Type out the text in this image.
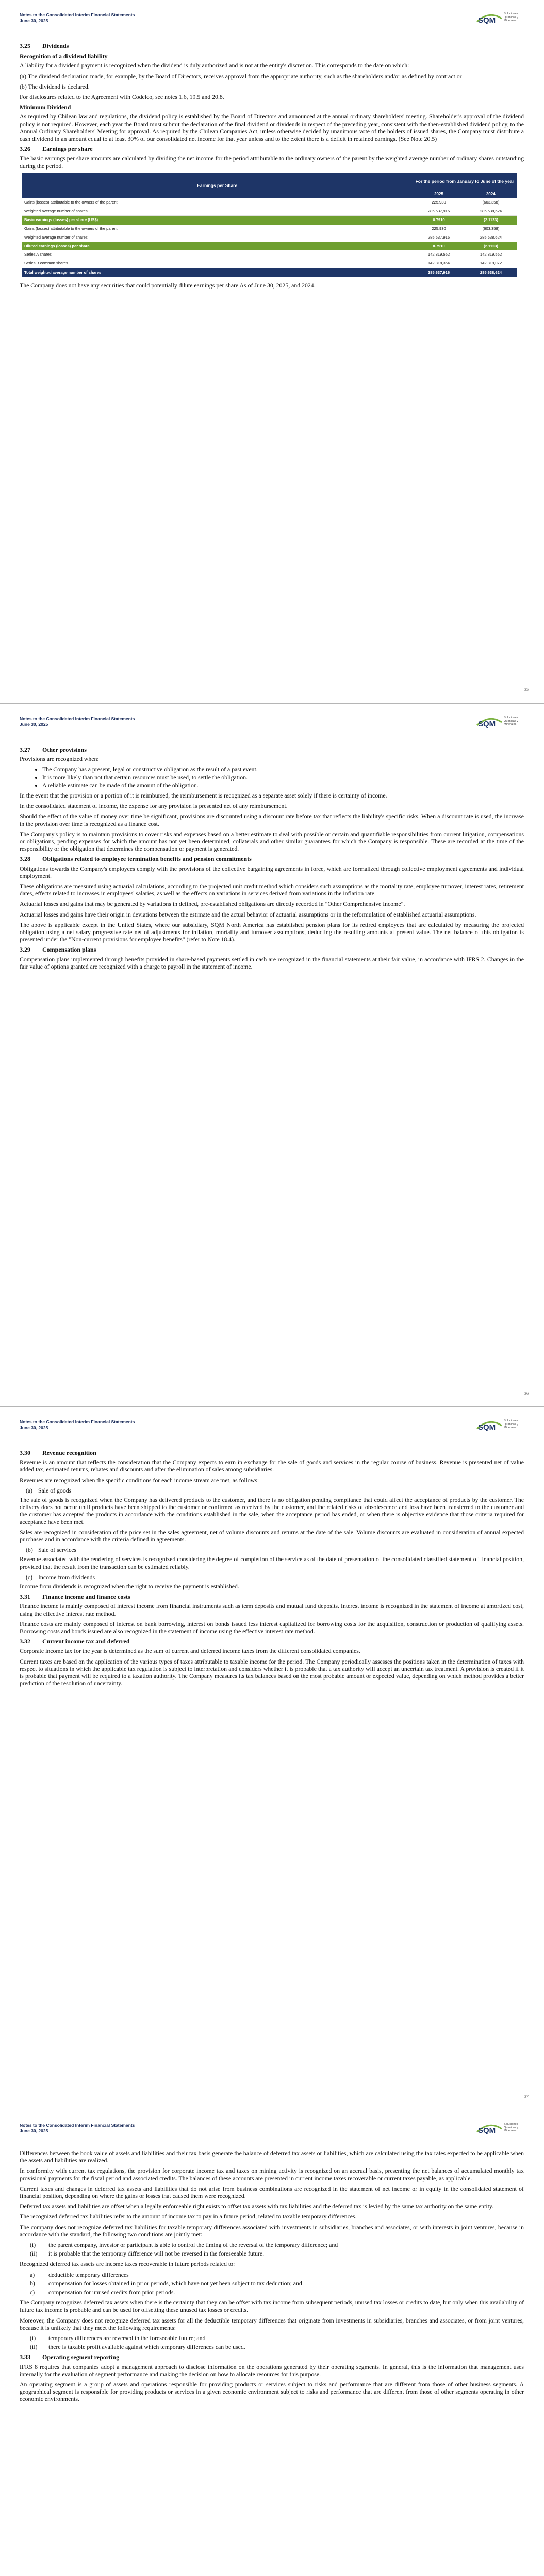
Notes to the Consolidated Interim Financial Statements
June 30, 2025	SQM
Soluciones
Químicas y
Minerales
3.25 Dividends
Recognition of a dividend liability

A liability for a dividend payment is recognized when the dividend is duly authorized and is not at the entity's discretion. This corresponds to the date on which:

(a) The dividend declaration made, for example, by the Board of Directors, receives approval from the appropriate authority, such as the shareholders and/or as defined by contract or

(b) The dividend is declared.

For disclosures related to the Agreement with Codelco, see notes 1.6, 19.5 and 20.8.

Minimum Dividend

As required by Chilean law and regulations, the dividend policy is established by the Board of Directors and announced at the annual ordinary shareholders' meeting. Shareholder's approval of the dividend policy is not required. However, each year the Board must submit the declaration of the final dividend or dividends in respect of the preceding year, consistent with the then-established dividend policy, to the Annual Ordinary Shareholders' Meeting for approval. As required by the Chilean Companies Act, unless otherwise decided by unanimous vote of the holders of issued shares, the Company must distribute a cash dividend in an amount equal to at least 30% of our consolidated net income for that year unless and to the extent there is a deficit in retained earnings. (See Note 20.5)

3.26 Earnings per share

The basic earnings per share amounts are calculated by dividing the net income for the period attributable to the ordinary owners of the parent by the weighted average number of ordinary shares outstanding during the period.

Earnings per Share	For the period from January to June of the year	
	2025	2024
Gains (losses) attributable to the owners of the parent	225,930	(603,358)
Weighted average number of shares	285,637,916	285,638,624
Basic earnings (losses) per share (US$)	0.7910	(2.1123)
Gains (losses) attributable to the owners of the parent	225,930	(603,358)
Weighted average number of shares	285,637,916	285,638,624
Diluted earnings (losses) per share	0.7910	(2.1123)
Series A shares	142,819,552	142,819,552
Series B common shares	142,818,364	142,819,072
Total weighted average number of shares	285,637,916	285,638,624

The Company does not have any securities that could potentially dilute earnings per share As of June 30, 2025, and 2024.

35
Notes to the Consolidated Interim Financial Statements
June 30, 2025	SQM
Soluciones
Químicas y
Minerales
3.27 Other provisions

Provisions are recognized when:

• The Company has a present, legal or constructive obligation as the result of a past event.
• It is more likely than not that certain resources must be used, to settle the obligation.
• A reliable estimate can be made of the amount of the obligation.

In the event that the provision or a portion of it is reimbursed, the reimbursement is recognized as a separate asset solely if there is certainty of income.

In the consolidated statement of income, the expense for any provision is presented net of any reimbursement.

Should the effect of the value of money over time be significant, provisions are discounted using a discount rate before tax that reflects the liability's specific risks. When a discount rate is used, the increase in the provision over time is recognized as a finance cost.

The Company's policy is to maintain provisions to cover risks and expenses based on a better estimate to deal with possible or certain and quantifiable responsibilities from current litigation, compensations or obligations, pending expenses for which the amount has not yet been determined, collaterals and other similar guarantees for which the Company is responsible. These are recorded at the time of the responsibility or the obligation that determines the compensation or payment is generated.

3.28 Obligations related to employee termination benefits and pension commitments

Obligations towards the Company's employees comply with the provisions of the collective bargaining agreements in force, which are formalized through collective employment agreements and individual employment.

These obligations are measured using actuarial calculations, according to the projected unit credit method which considers such assumptions as the mortality rate, employee turnover, interest rates, retirement dates, effects related to increases in employees' salaries, as well as the effects on variations in services derived from variations in the inflation rate.

Actuarial losses and gains that may be generated by variations in defined, pre-established obligations are directly recorded in "Other Comprehensive Income".

Actuarial losses and gains have their origin in deviations between the estimate and the actual behavior of actuarial assumptions or in the reformulation of established actuarial assumptions.

The above is applicable except in the United States, where our subsidiary, SQM North America has established pension plans for its retired employees that are calculated by measuring the projected obligation using a net salary progressive rate net of adjustments for inflation, mortality and turnover assumptions, deducting the resulting amounts at present value. The net balance of this obligation is presented under the "Non-current provisions for employee benefits" (refer to Note 18.4).

3.29 Compensation plans

Compensation plans implemented through benefits provided in share-based payments settled in cash are recognized in the financial statements at their fair value, in accordance with IFRS 2. Changes in the fair value of options granted are recognized with a charge to payroll in the statement of income.

36
Notes to the Consolidated Interim Financial Statements
June 30, 2025	SQM
Soluciones
Químicas y
Minerales
3.30 Revenue recognition

Revenue is an amount that reflects the consideration that the Company expects to earn in exchange for the sale of goods and services in the regular course of business. Revenue is presented net of value added tax, estimated returns, rebates and discounts and after the elimination of sales among subsidiaries.

Revenues are recognized when the specific conditions for each income stream are met, as follows:

(a) Sale of goods

The sale of goods is recognized when the Company has delivered products to the customer, and there is no obligation pending compliance that could affect the acceptance of products by the customer. The delivery does not occur until products have been shipped to the customer or confirmed as received by the customer, and the related risks of obsolescence and loss have been transferred to the customer and the customer has accepted the products in accordance with the conditions established in the sale, when the acceptance period has ended, or when there is objective evidence that those criteria required for acceptance have been met.

Sales are recognized in consideration of the price set in the sales agreement, net of volume discounts and returns at the date of the sale. Volume discounts are evaluated in consideration of annual expected purchases and in accordance with the criteria defined in agreements.

(b) Sale of services

Revenue associated with the rendering of services is recognized considering the degree of completion of the service as of the date of presentation of the consolidated classified statement of financial position, provided that the result from the transaction can be estimated reliably.

(c) Income from dividends

Income from dividends is recognized when the right to receive the payment is established.

3.31 Finance income and finance costs

Finance income is mainly composed of interest income from financial instruments such as term deposits and mutual fund deposits. Interest income is recognized in the statement of income at amortized cost, using the effective interest rate method.

Finance costs are mainly composed of interest on bank borrowing, interest on bonds issued less interest capitalized for borrowing costs for the acquisition, construction or production of qualifying assets. Borrowing costs and bonds issued are also recognized in the statement of income using the effective interest rate method.

3.32 Current income tax and deferred

Corporate income tax for the year is determined as the sum of current and deferred income taxes from the different consolidated companies.

Current taxes are based on the application of the various types of taxes attributable to taxable income for the period. The Company periodically assesses the positions taken in the determination of taxes with respect to situations in which the applicable tax regulation is subject to interpretation and considers whether it is probable that a tax authority will accept an uncertain tax treatment. A provision is created if it is probable that payment will be required to a taxation authority. The Company measures its tax balances based on the most probable amount or expected value, depending on which method provides a better prediction of the resolution of uncertainty.

37
Notes to the Consolidated Interim Financial Statements
June 30, 2025	SQM
Soluciones
Químicas y
Minerales

Differences between the book value of assets and liabilities and their tax basis generate the balance of deferred tax assets or liabilities, which are calculated using the tax rates expected to be applicable when the assets and liabilities are realized.

In conformity with current tax regulations, the provision for corporate income tax and taxes on mining activity is recognized on an accrual basis, presenting the net balances of accumulated monthly tax provisional payments for the fiscal period and associated credits. The balances of these accounts are presented in current income taxes recoverable or current taxes payable, as applicable.

Current taxes and changes in deferred tax assets and liabilities that do not arise from business combinations are recognized in the statement of net income or in equity in the consolidated statement of financial position, depending on where the gains or losses that caused them were recognized.

Deferred tax assets and liabilities are offset when a legally enforceable right exists to offset tax assets with tax liabilities and the deferred tax is levied by the same tax authority on the same entity.

The recognized deferred tax liabilities refer to the amount of income tax to pay in a future period, related to taxable temporary differences.

The company does not recognize deferred tax liabilities for taxable temporary differences associated with investments in subsidiaries, branches and associates, or with interests in joint ventures, because in accordance with the standard, the following two conditions are jointly met:

(i) the parent company, investor or participant is able to control the timing of the reversal of the temporary difference; and
(ii) it is probable that the temporary difference will not be reversed in the foreseeable future.

Recognized deferred tax assets are income taxes recoverable in future periods related to:

a) deductible temporary differences
b) compensation for losses obtained in prior periods, which have not yet been subject to tax deduction; and
c) compensation for unused credits from prior periods.

The Company recognizes deferred tax assets when there is the certainty that they can be offset with tax income from subsequent periods, unused tax losses or credits to date, but only when this availability of future tax income is probable and can be used for offsetting these unused tax losses or credits.

Moreover, the Company does not recognize deferred tax assets for all the deductible temporary differences that originate from investments in subsidiaries, branches and associates, or from joint ventures, because it is unlikely that they meet the following requirements:

(i) temporary differences are reversed in the foreseeable future; and
(ii) there is taxable profit available against which temporary differences can be used.
3.33 Operating segment reporting

IFRS 8 requires that companies adopt a management approach to disclose information on the operations generated by their operating segments. In general, this is the information that management uses internally for the evaluation of segment performance and making the decision on how to allocate resources for this purpose.

An operating segment is a group of assets and operations responsible for providing products or services subject to risks and performance that are different from those of other business segments. A geographical segment is responsible for providing products or services in a given economic environment subject to risks and performance that are different from those of other segments operating in other economic environments.
